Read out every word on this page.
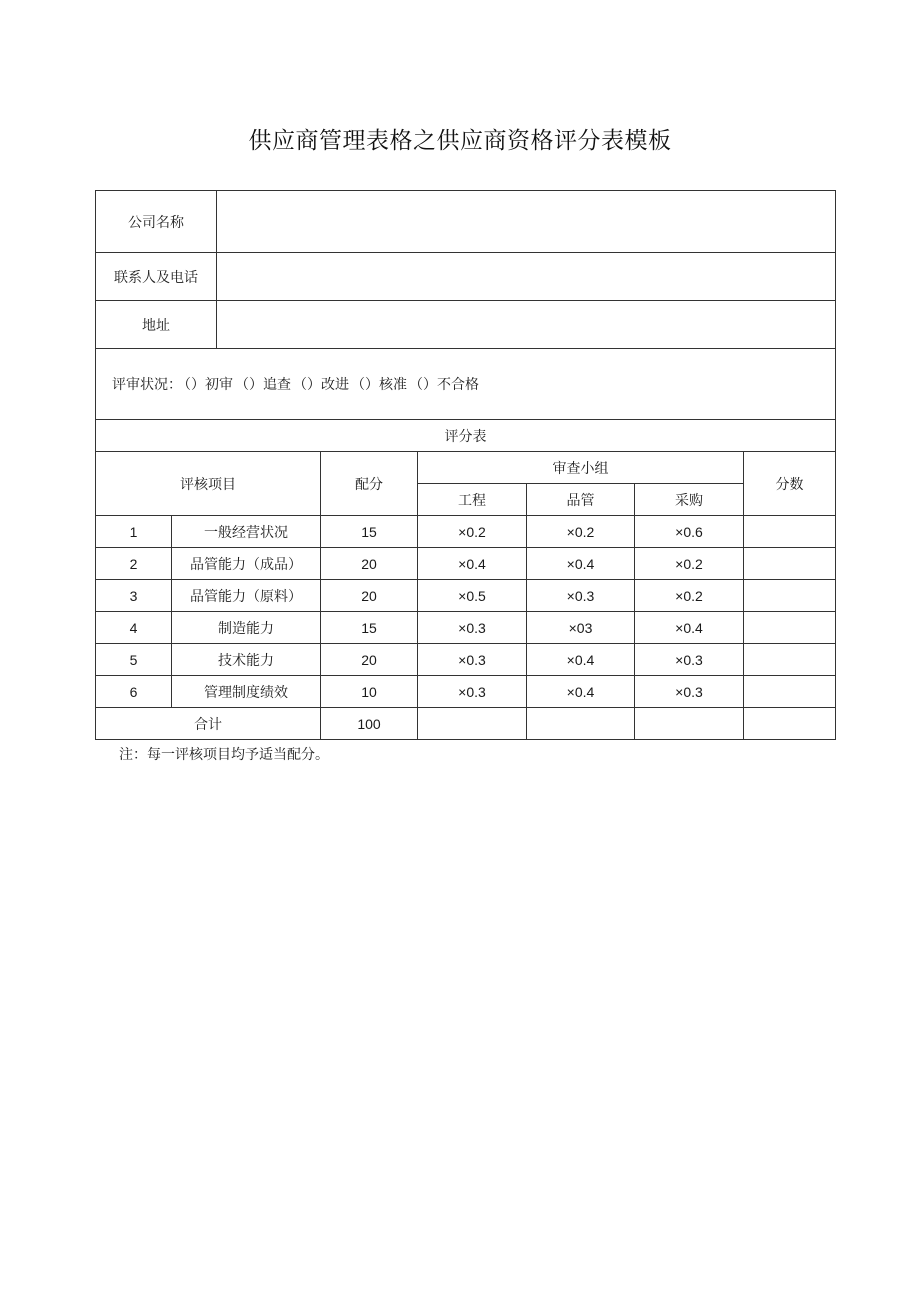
供应商管理表格之供应商资格评分表模板
公司名称	
联系人及电话	
地址	
评审状况： （）初审 （）追查 （）改进 （）核准 （）不合格	
评分表						
评核项目		配分	审查小组			分数
			工程	品管	采购	
1	一般经营状况	15	×0.2	×0.2	×0.6	
2	品管能力（成品）	20	×0.4	×0.4	×0.2	
3	品管能力（原料）	20	×0.5	×0.3	×0.2	
4	制造能力	15	×0.3	×03	×0.4	
5	技术能力	20	×0.3	×0.4	×0.3	
6	管理制度绩效	10	×0.3	×0.4	×0.3	
合计		100				
注：每一评核项目均予适当配分。
